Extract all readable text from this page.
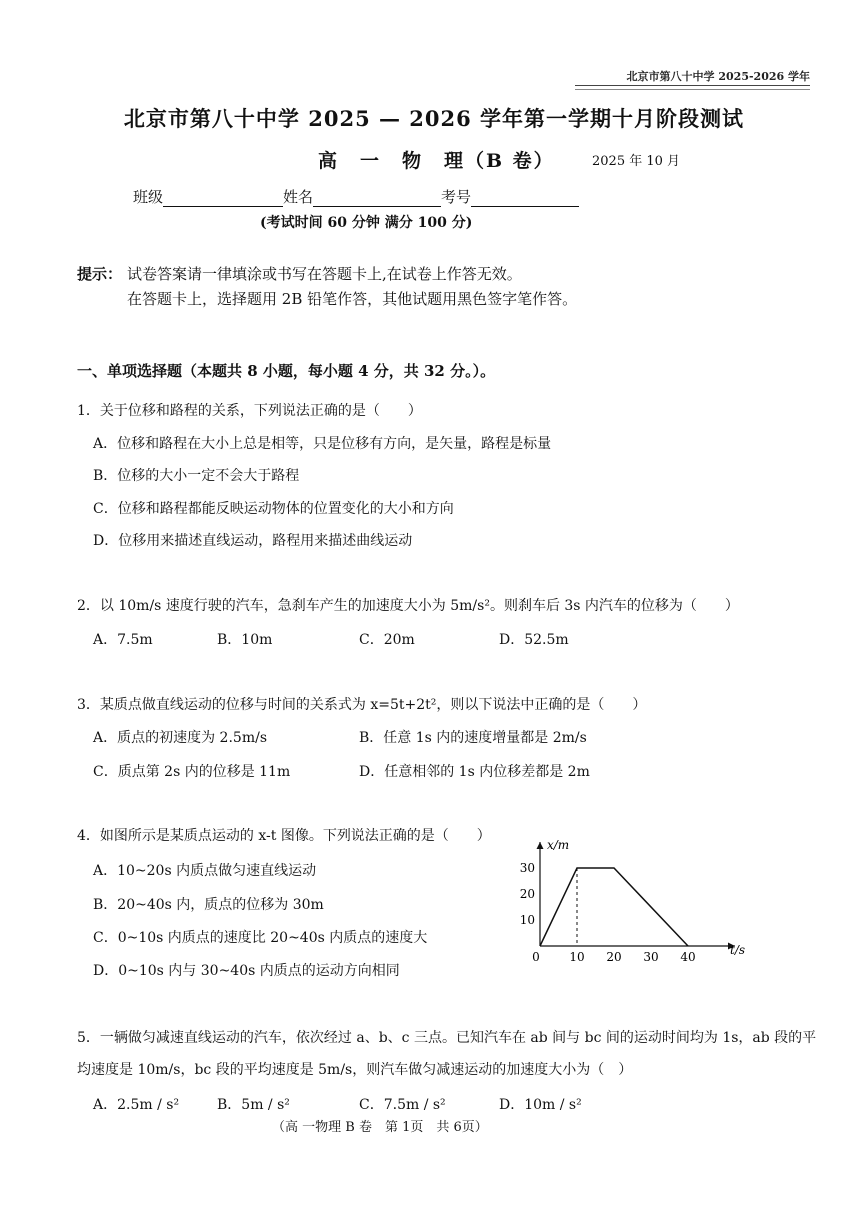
北京市第八十中学 2025-2026 学年
北京市第八十中学 2025 — 2026 学年第一学期十月阶段测试
高　一　物　理（B 卷）	2025 年 10 月
班级	姓名	考号
(考试时间 60 分钟 满分 100 分)
提示： 试卷答案请一律填涂或书写在答题卡上,在试卷上作答无效。
在答题卡上，选择题用 2B 铅笔作答，其他试题用黑色签字笔作答。
一、单项选择题（本题共 8 小题，每小题 4 分，共 32 分。）。
1．关于位移和路程的关系，下列说法正确的是（　　）
A．位移和路程在大小上总是相等，只是位移有方向，是矢量，路程是标量
B．位移的大小一定不会大于路程
C．位移和路程都能反映运动物体的位置变化的大小和方向
D．位移用来描述直线运动，路程用来描述曲线运动
2．以 10m/s 速度行驶的汽车，急刹车产生的加速度大小为 5m/s²。则刹车后 3s 内汽车的位移为（　　）
A．7.5m	B．10m	C．20m	D．52.5m
3．某质点做直线运动的位移与时间的关系式为 x=5t+2t²，则以下说法中正确的是（　　）
A．质点的初速度为 2.5m/s	B．任意 1s 内的速度增量都是 2m/s
C．质点第 2s 内的位移是 11m	D．任意相邻的 1s 内位移差都是 2m
4．如图所示是某质点运动的 x-t 图像。下列说法正确的是（　　）
A．10~20s 内质点做匀速直线运动
B．20~40s 内，质点的位移为 30m
C．0~10s 内质点的速度比 20~40s 内质点的速度大
D．0~10s 内与 30~40s 内质点的运动方向相同
10 20 30 40
10
20
30
x/m
t/s
0
5．一辆做匀减速直线运动的汽车，依次经过 a、b、c 三点。已知汽车在 ab 间与 bc 间的运动时间均为 1s，ab 段的平
均速度是 10m/s，bc 段的平均速度是 5m/s，则汽车做匀减速运动的加速度大小为（　）
A．2.5m / s²	B．5m / s²	C．7.5m / s²	D．10m / s²
（高 一物理 B 卷　第 1页　共 6页）
